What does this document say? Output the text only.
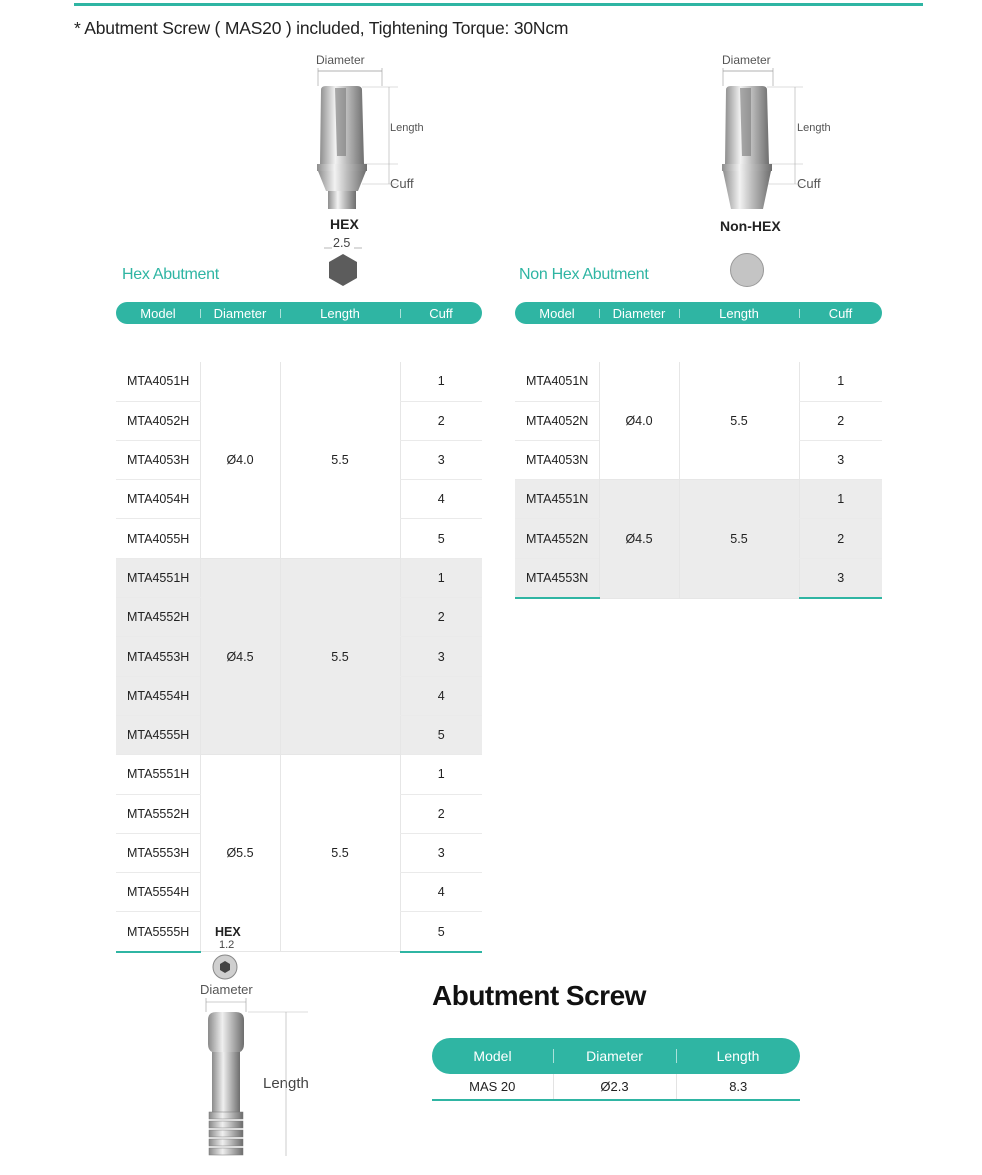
* Abutment Screw ( MAS20 ) included, Tightening Torque: 30Ncm
Diameter
Length
Cuff
HEX
2.5
Diameter
Length
Cuff
Non-HEX
Hex Abutment	Non Hex Abutment
Model	Diameter	Length	Cuff

MTA4051H	Ø4.0	5.5	1
MTA4052H			2
MTA4053H			3
MTA4054H			4
MTA4055H			5
MTA4551H	Ø4.5	5.5	1
MTA4552H			2
MTA4553H			3
MTA4554H			4
MTA4555H			5
MTA5551H	Ø5.5	5.5	1
MTA5552H			2
MTA5553H			3
MTA5554H			4
MTA5555H			5
Model	Diameter	Length	Cuff

MTA4051N	Ø4.0	5.5	1
MTA4052N			2
MTA4053N			3
MTA4551N	Ø4.5	5.5	1
MTA4552N			2
MTA4553N			3
HEX
1.2
Diameter
Length
Abutment Screw
Model	Diameter	Length
MAS 20	Ø2.3	8.3
